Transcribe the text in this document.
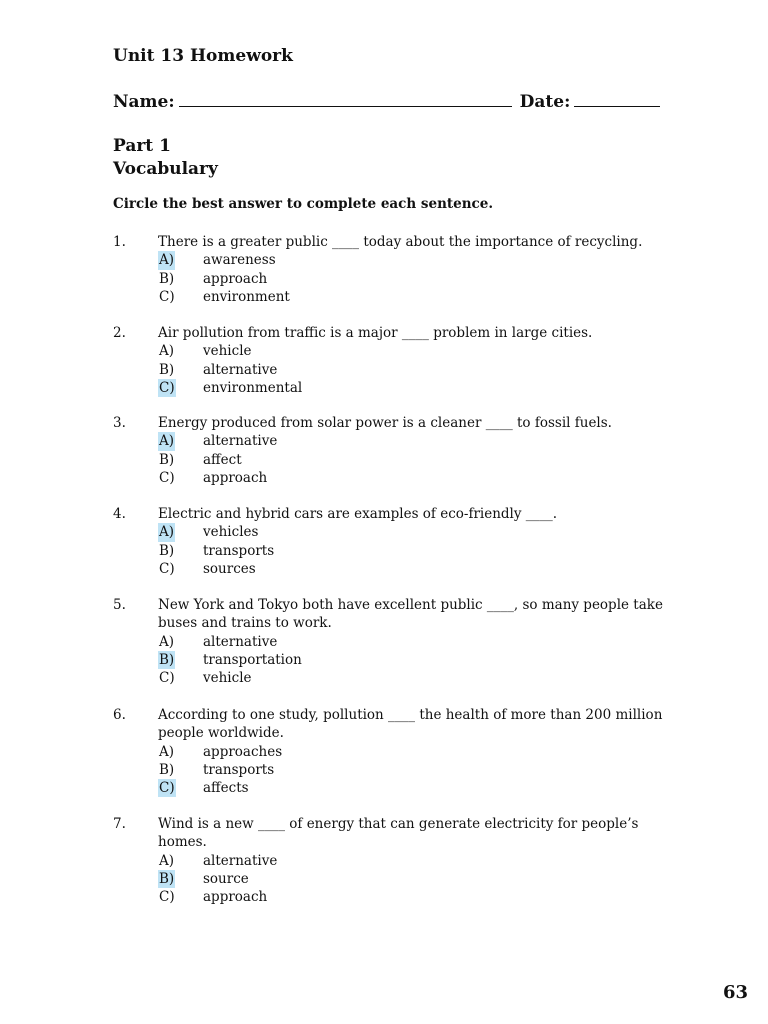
Unit 13 Homework
Name:	Date:
Part 1
Vocabulary
Circle the best answer to complete each sentence.
1. There is a greater public ____ today about the importance of recycling.
A) awareness
B) approach
C) environment
2. Air pollution from traffic is a major ____ problem in large cities.
A) vehicle
B) alternative
C) environmental
3. Energy produced from solar power is a cleaner ____ to fossil fuels.
A) alternative
B) affect
C) approach
4. Electric and hybrid cars are examples of eco-friendly ____.
A) vehicles
B) transports
C) sources
5. New York and Tokyo both have excellent public ____, so many people take buses and trains to work.
A) alternative
B) transportation
C) vehicle
6. According to one study, pollution ____ the health of more than 200 million people worldwide.
A) approaches
B) transports
C) affects
7. Wind is a new ____ of energy that can generate electricity for people’s homes.
A) alternative
B) source
C) approach
63
